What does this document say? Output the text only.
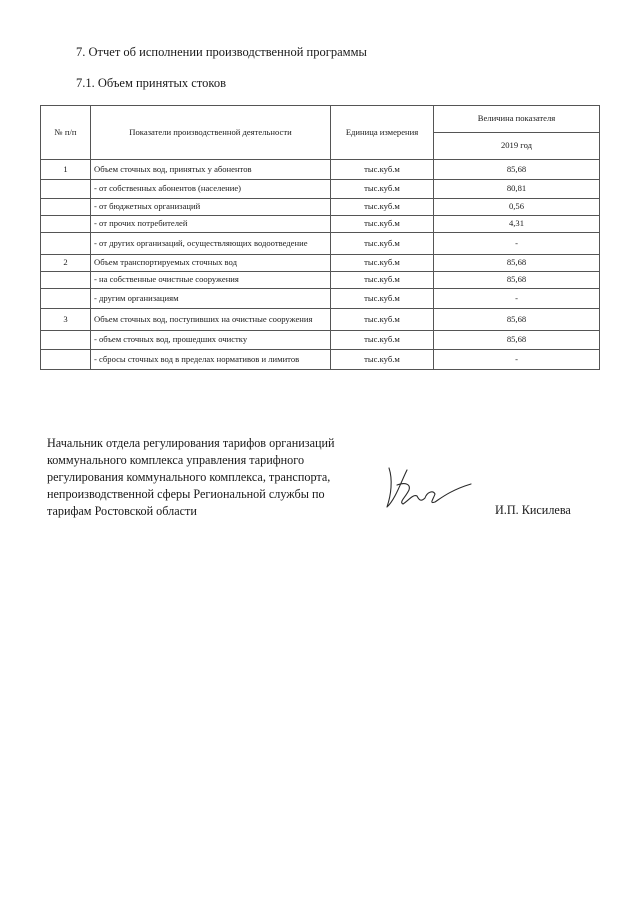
7. Отчет об исполнении производственной программы
7.1. Объем принятых стоков
№ п/п	Показатели производственной деятельности	Единица измерения	Величина показателя
			2019 год
1	Объем сточных вод, принятых у абонентов	тыс.куб.м	85,68
	- от собственных абонентов (население)	тыс.куб.м	80,81
	- от бюджетных организаций	тыс.куб.м	0,56
	- от прочих потребителей	тыс.куб.м	4,31
	- от других организаций, осуществляющих водоотведение	тыс.куб.м	-
2	Объем транспортируемых сточных вод	тыс.куб.м	85,68
	- на собственные очистные сооружения	тыс.куб.м	85,68
	- другим организациям	тыс.куб.м	-
3	Объем сточных вод, поступивших на очистные сооружения	тыс.куб.м	85,68
	- объем сточных вод, прошедших очистку	тыс.куб.м	85,68
	- сбросы сточных вод в пределах нормативов и лимитов	тыс.куб.м	-
Начальник отдела регулирования тарифов организаций
коммунального комплекса управления тарифного
регулирования коммунального комплекса, транспорта,
непроизводственной сферы Региональной службы по
тарифам Ростовской области	И.П. Кисилева
